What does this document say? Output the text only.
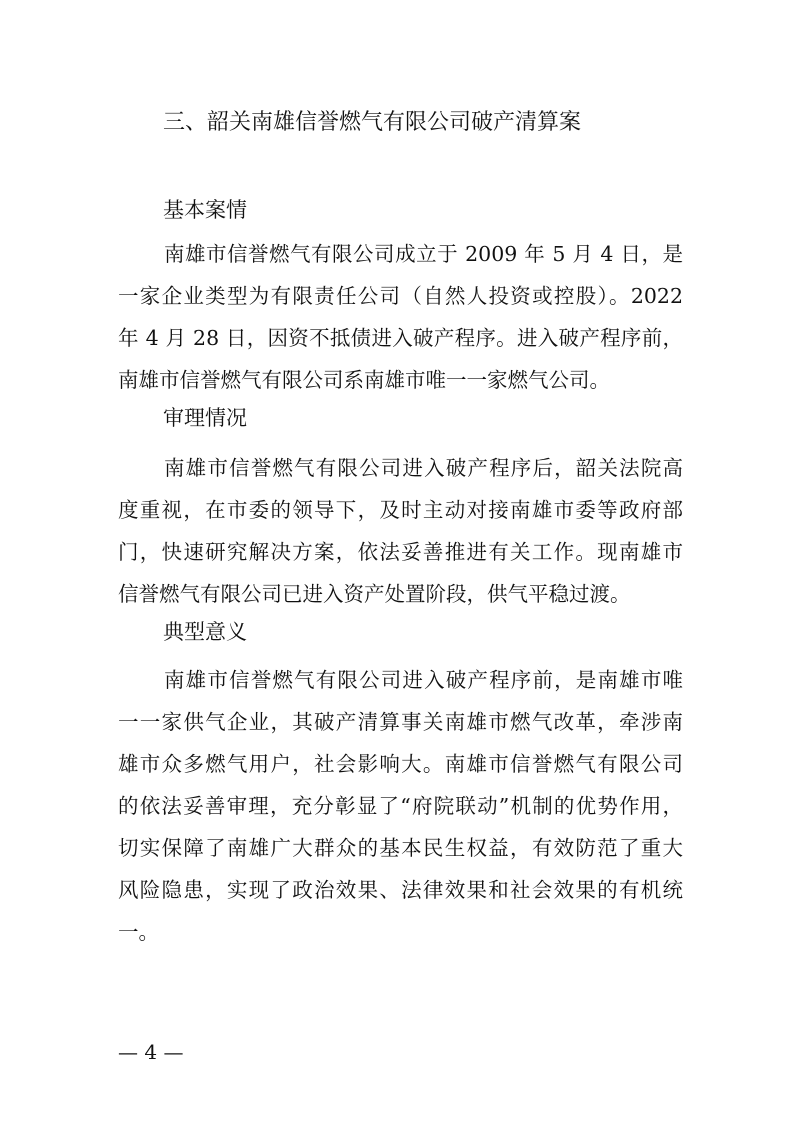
三、韶关南雄信誉燃气有限公司破产清算案
基本案情
南雄市信誉燃气有限公司成立于 2009 年 5 月 4 日，是
一家企业类型为有限责任公司（自然人投资或控股）。2022
年 4 月 28 日，因资不抵债进入破产程序。进入破产程序前，
南雄市信誉燃气有限公司系南雄市唯一一家燃气公司。
审理情况
南雄市信誉燃气有限公司进入破产程序后，韶关法院高
度重视，在市委的领导下，及时主动对接南雄市委等政府部
门，快速研究解决方案，依法妥善推进有关工作。现南雄市
信誉燃气有限公司已进入资产处置阶段，供气平稳过渡。
典型意义
南雄市信誉燃气有限公司进入破产程序前，是南雄市唯
一一家供气企业，其破产清算事关南雄市燃气改革，牵涉南
雄市众多燃气用户，社会影响大。南雄市信誉燃气有限公司
的依法妥善审理，充分彰显了“府院联动”机制的优势作用，
切实保障了南雄广大群众的基本民生权益，有效防范了重大
风险隐患，实现了政治效果、法律效果和社会效果的有机统
一。
— 4 —
